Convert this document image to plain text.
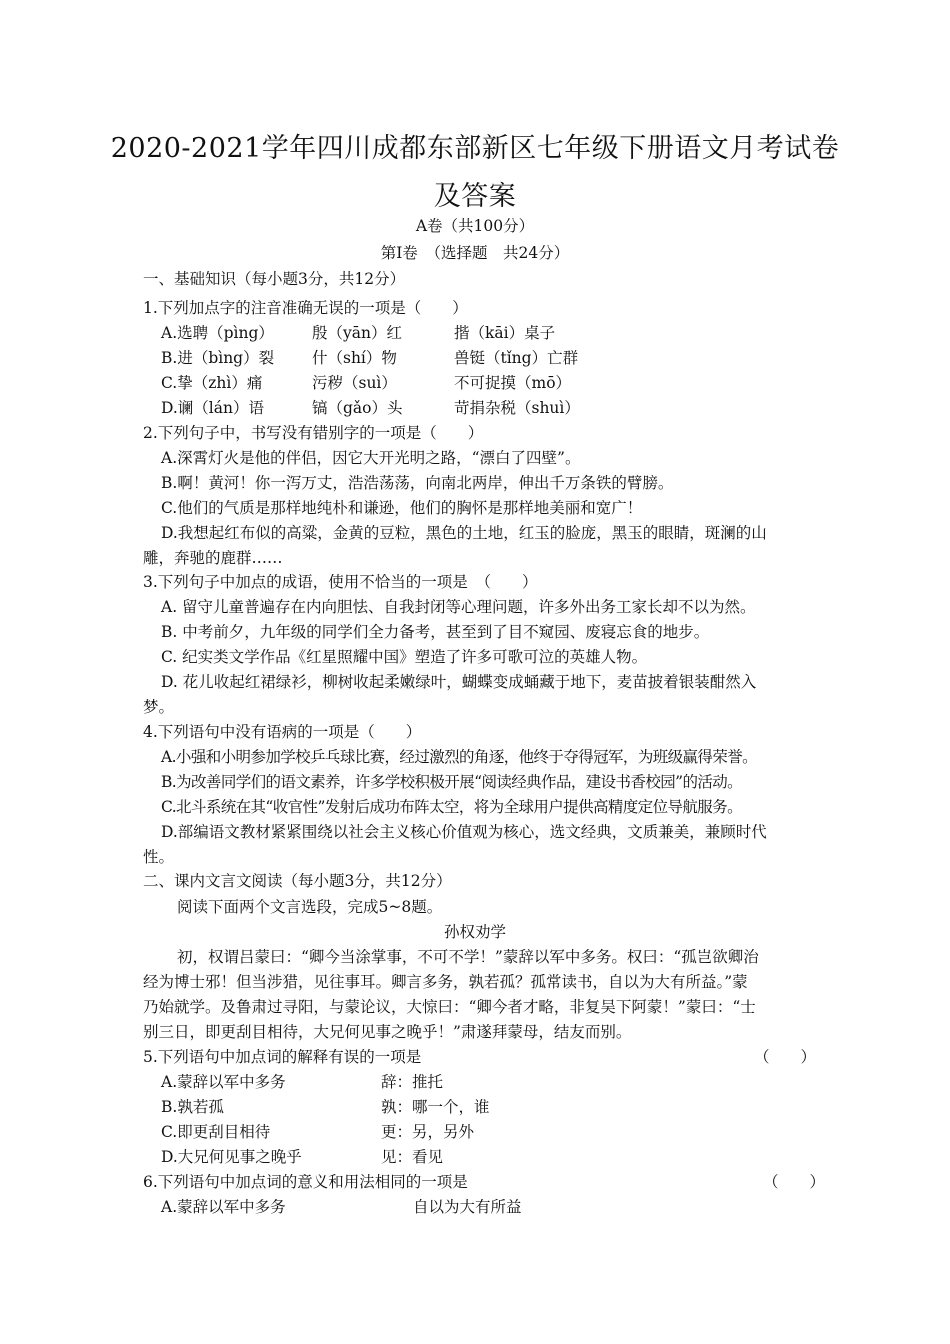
2020-2021学年四川成都东部新区七年级下册语文月考试卷
及答案
A卷（共100分）
第Ⅰ卷　（选择题　共24分）
一、基础知识（每小题3分，共12分）
1.下列加点字的注音准确无误的一项是（　　）
A.选聘（pìng） 殷（yān）红	揩（kāi）桌子
B.进（bìng）裂 什（shí）物	兽铤（tǐng）亡群
C.挚（zhì）痛	污秽（suì）	不可捉摸（mō）
D.谰（lán）语	镐（gǎo）头	苛捐杂税（shuì）
2.下列句子中，书写没有错别字的一项是（　　）
A.深霄灯火是他的伴侣，因它大开光明之路，“漂白了四壁”。
B.啊！黄河！你一泻万丈，浩浩荡荡，向南北两岸，伸出千万条铁的臂膀。
C.他们的气质是那样地纯朴和谦逊，他们的胸怀是那样地美丽和宽广！
D.我想起红布似的高粱，金黄的豆粒，黑色的土地，红玉的脸庞，黑玉的眼睛，斑澜的山
雕，奔驰的鹿群……
3.下列句子中加点的成语，使用不恰当的一项是　（　　）
A. 留守儿童普遍存在内向胆怯、自我封闭等心理问题，许多外出务工家长却不以为然。
B. 中考前夕，九年级的同学们全力备考，甚至到了目不窥园、废寝忘食的地步。
C. 纪实类文学作品《红星照耀中国》塑造了许多可歌可泣的英雄人物。
D. 花儿收起红裙绿衫，柳树收起柔嫩绿叶，蝴蝶变成蛹藏于地下，麦苗披着银装酣然入
梦。
4.下列语句中没有语病的一项是（　　）
A.小强和小明参加学校乒乓球比赛，经过激烈的角逐，他终于夺得冠军，为班级赢得荣誉。
B.为改善同学们的语文素养，许多学校积极开展“阅读经典作品，建设书香校园”的活动。
C.北斗系统在其“收官性”发射后成功布阵太空，将为全球用户提供高精度定位导航服务。
D.部编语文教材紧紧围绕以社会主义核心价值观为核心，选文经典，文质兼美，兼顾时代
性。
二、课内文言文阅读（每小题3分，共12分）
阅读下面两个文言选段，完成5~8题。
孙权劝学
初，权谓吕蒙曰：“卿今当涂掌事，不可不学！”蒙辞以军中多务。权曰：“孤岂欲卿治
经为博士邪！但当涉猎，见往事耳。卿言多务，孰若孤？孤常读书，自以为大有所益。”蒙
乃始就学。及鲁肃过寻阳，与蒙论议，大惊曰：“卿今者才略，非复吴下阿蒙！”蒙曰：“士
别三日，即更刮目相待，大兄何见事之晚乎！”肃遂拜蒙母，结友而别。
5.下列语句中加点词的解释有误的一项是	（　　）
A.蒙辞以军中多务	辞：推托
B.孰若孤	孰：哪一个，谁
C.即更刮目相待	更：另，另外
D.大兄何见事之晚乎	见：看见
6.下列语句中加点词的意义和用法相同的一项是	（　　）
A.蒙辞以军中多务	自以为大有所益
